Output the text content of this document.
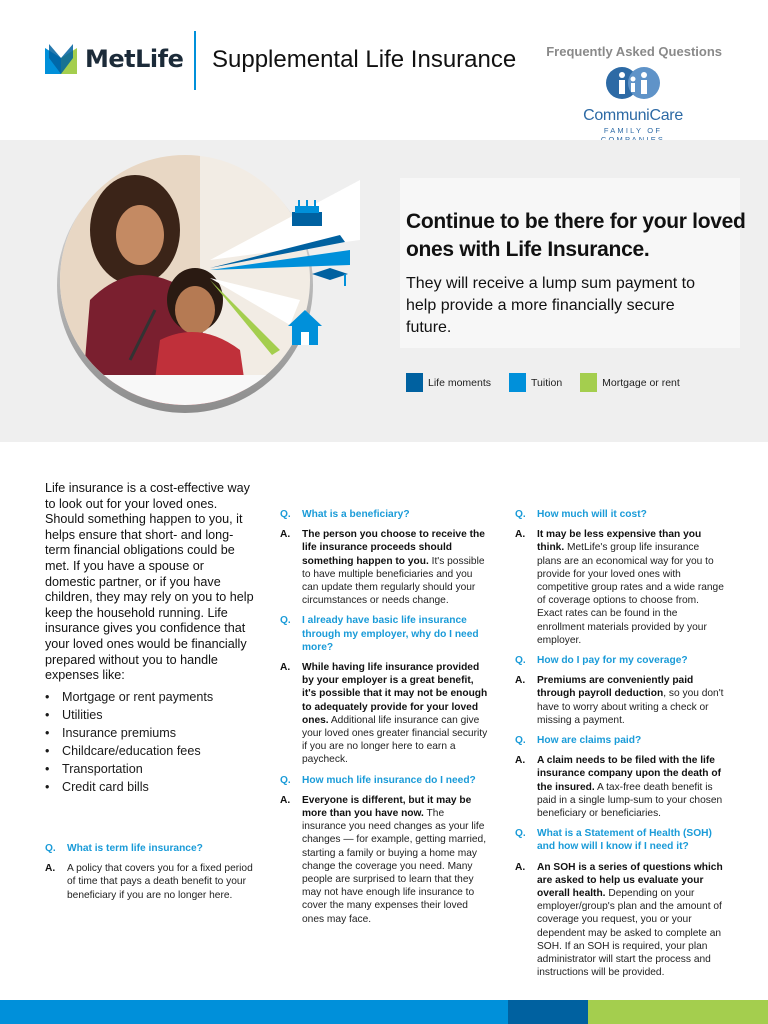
MetLife Supplemental Life Insurance Frequently Asked Questions
CommuniCare
FAMILY OF
Continue to be there for your loved ones with Life Insurance.
They will receive a lump sum payment to help provide a more financially secure future.
Life moments	Tuition	Mortgage or rent

Life insurance is a cost-effective way to look out for your loved ones. Should something happen to you, it helps ensure that short- and long-term financial obligations could be met. If you have a spouse or domestic partner, or if you have children, they may rely on you to help keep the household running. Life insurance gives you confidence that your loved ones would be financially prepared without you to handle expenses like:

• Mortgage or rent payments
• Utilities
• Insurance premiums
• Childcare/education fees
• Transportation
• Credit card bills
Q.	What is term life insurance?
A.	A policy that covers you for a fixed period of time that pays a death benefit to your beneficiary if you are no longer here.
Q.	What is a beneficiary?
A.	The person you choose to receive the life insurance proceeds should something happen to you. It's possible to have multiple beneficiaries and you can update them regularly should your circumstances or needs change.
Q.	I already have basic life insurance through my employer, why do I need more?
A.	While having life insurance provided by your employer is a great benefit, it's possible that it may not be enough to adequately provide for your loved ones. Additional life insurance can give your loved ones greater financial security if you are no longer here to earn a paycheck.
Q.	How much life insurance do I need?
A.	Everyone is different, but it may be more than you have now. The insurance you need changes as your life changes — for example, getting married, starting a family or buying a home may change the coverage you need. Many people are surprised to learn that they may not have enough life insurance to cover the many expenses their loved ones may face.
Q.	How much will it cost?
A.	It may be less expensive than you think. MetLife's group life insurance plans are an economical way for you to provide for your loved ones with competitive group rates and a wide range of coverage options to choose from. Exact rates can be found in the enrollment materials provided by your employer.
Q.	How do I pay for my coverage?
A.	Premiums are conveniently paid through payroll deduction, so you don't have to worry about writing a check or missing a payment.
Q.	How are claims paid?
A.	A claim needs to be filed with the life insurance company upon the death of the insured. A tax-free death benefit is paid in a single lump-sum to your chosen beneficiary or beneficiaries.
Q.	What is a Statement of Health (SOH) and how will I know if I need it?
A.	An SOH is a series of questions which are asked to help us evaluate your overall health. Depending on your employer/group's plan and the amount of coverage you request, you or your dependent may be asked to complete an SOH. If an SOH is required, your plan administrator will start the process and instructions will be provided.
